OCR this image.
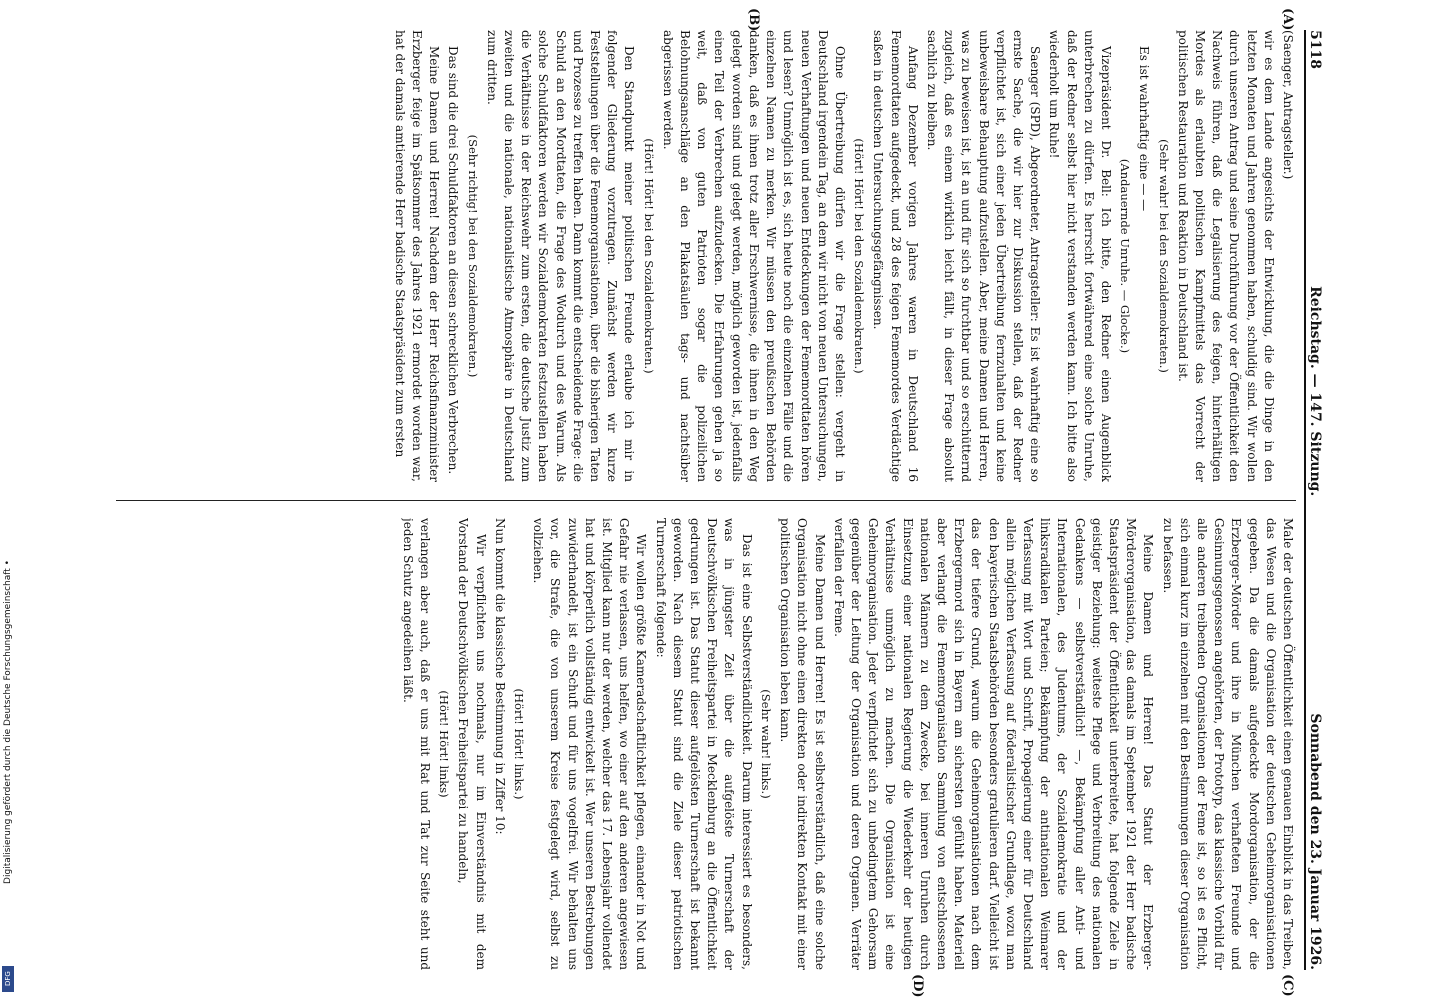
5118
Reichstag. — 147. Sitzung.
Sonnabend den 23. Januar 1926.
(A)
(B)
(C)
(D)

(Saenger, Antragsteller.)

wir es dem Lande angesichts der Entwicklung, die die Dinge in den letzten Monaten und Jahren genommen haben, schuldig sind. Wir wollen durch unseren Antrag und seine Durchführung vor der Öffentlichkeit den Nachweis führen, daß die Legalisierung des feigen, hinterhältigen Mordes als erlaubten politischen Kampfmittels das Vorrecht der politischen Restauration und Reaktion in Deutschland ist.

(Sehr wahr! bei den Sozialdemokraten.)

Es ist wahrhaftig eine — —

(Andauernde Unruhe. — Glocke.)

Vizepräsident Dr. Bell: Ich bitte, den Redner einen Augenblick unterbrechen zu dürfen. Es herrscht fortwährend eine solche Unruhe, daß der Redner selbst hier nicht verstanden werden kann. Ich bitte also wiederholt um Ruhe!

Saenger (SPD), Abgeordneter, Antragsteller: Es ist wahrhaftig eine so ernste Sache, die wir hier zur Diskussion stellen, daß der Redner verpflichtet ist, sich einer jeden Übertreibung fernzuhalten und keine unbeweisbare Behauptung aufzustellen. Aber, meine Damen und Herren, was zu beweisen ist, ist an und für sich so furchtbar und so erschütternd zugleich, daß es einem wirklich leicht fällt, in dieser Frage absolut sachlich zu bleiben.

Anfang Dezember vorigen Jahres waren in Deutschland 16 Fememordtaten aufgedeckt, und 28 des feigen Fememordes Verdächtige saßen in deutschen Untersuchungsgefängnissen.

(Hört! Hört! bei den Sozialdemokraten.)

Ohne Übertreibung dürfen wir die Frage stellen: vergeht in Deutschland irgendein Tag, an dem wir nicht von neuen Untersuchungen, neuen Verhaftungen und neuen Entdeckungen der Fememordtaten hören und lesen? Unmöglich ist es, sich heute noch die einzelnen Fälle und die einzelnen Namen zu merken. Wir müssen den preußischen Behörden danken, daß es ihnen trotz aller Erschwernisse, die ihnen in den Weg gelegt worden sind und gelegt werden, möglich geworden ist, jedenfalls einen Teil der Verbrechen aufzudecken. Die Erfahrungen gehen ja so weit, daß von guten Patrioten sogar die polizeilichen Belohnungsanschläge an den Plakatsäulen tags- und nachtsüber abgerissen werden.

(Hört! Hört! bei den Sozialdemokraten.)

Den Standpunkt meiner politischen Freunde erlaube ich mir in folgender Gliederung vorzutragen. Zunächst werden wir kurze Feststellungen über die Fememorganisationen, über die bisherigen Taten und Prozesse zu treffen haben. Dann kommt die entscheidende Frage: die Schuld an den Mordtaten, die Frage des Wodurch und des Warum. Als solche Schuldfaktoren werden wir Sozialdemokraten festzustellen haben die Verhältnisse in der Reichswehr zum ersten, die deutsche Justiz zum zweiten und die nationale, nationalistische Atmosphäre in Deutschland zum dritten.

(Sehr richtig! bei den Sozialdemokraten.)

Das sind die drei Schuldfaktoren an diesen schrecklichen Verbrechen.

Meine Damen und Herren! Nachdem der Herr Reichsfinanzminister Erzberger feige im Spätsommer des Jahres 1921 ermordet worden war, hat der damals amtierende Herr badische Staatspräsident zum ersten

Male der deutschen Öffentlichkeit einen genauen Einblick in das Treiben, das Wesen und die Organisation der deutschen Geheimorganisationen gegeben. Da die damals aufgedeckte Mordorganisation, der die Erzberger-Mörder und ihre in München verhafteten Freunde und Gesinnungsgenossen angehörten, der Prototyp, das klassische Vorbild für alle anderen treibenden Organisationen der Feme ist, so ist es Pflicht, sich einmal kurz im einzelnen mit den Bestimmungen dieser Organisation zu befassen.

Meine Damen und Herren! Das Statut der Erzberger-Mörderorganisation, das damals im September 1921 der Herr badische Staatspräsident der Öffentlichkeit unterbreitete, hat folgende Ziele in geistiger Beziehung: weiteste Pflege und Verbreitung des nationalen Gedankens — selbstverständlich! —, Bekämpfung aller Anti- und Internationalen, des Judentums, der Sozialdemokratie und der linksradikalen Parteien; Bekämpfung der antinationalen Weimarer Verfassung mit Wort und Schrift, Propagierung einer für Deutschland allein möglichen Verfassung auf föderalistischer Grundlage, wozu man den bayerischen Staatsbehörden besonders gratulieren darf. Vielleicht ist das der tiefere Grund, warum die Geheimorganisationen nach dem Erzbergermord sich in Bayern am sichersten gefühlt haben. Materiell aber verlangt die Fememorganisation Sammlung von entschlossenen nationalen Männern zu dem Zwecke, bei inneren Unruhen durch Einsetzung einer nationalen Regierung die Wiederkehr der heutigen Verhältnisse unmöglich zu machen. Die Organisation ist eine Geheimorganisation. Jeder verpflichtet sich zu unbedingtem Gehorsam gegenüber der Leitung der Organisation und deren Organen. Verräter verfallen der Feme.

Meine Damen und Herren! Es ist selbstverständlich, daß eine solche Organisation nicht ohne einen direkten oder indirekten Kontakt mit einer politischen Organisation leben kann.

(Sehr wahr! links.)

Das ist eine Selbstverständlichkeit. Darum interessiert es besonders, was in jüngster Zeit über die aufgelöste Turnerschaft der Deutschvölkischen Freiheitspartei in Mecklenburg an die Öffentlichkeit gedrungen ist. Das Statut dieser aufgelösten Turnerschaft ist bekannt geworden. Nach diesem Statut sind die Ziele dieser patriotischen Turnerschaft folgende:

Wir wollen größte Kameradschaftlichkeit pflegen, einander in Not und Gefahr nie verlassen, uns helfen, wo einer auf den anderen angewiesen ist. Mitglied kann nur der werden, welcher das 17. Lebensjahr vollendet hat und körperlich vollständig entwickelt ist. Wer unseren Bestrebungen zuwiderhandelt, ist ein Schuft und für uns vogelfrei. Wir behalten uns vor, die Strafe, die von unserem Kreise festgelegt wird, selbst zu vollziehen.

(Hört! Hört! links.)

Nun kommt die klassische Bestimmung in Ziffer 10:

Wir verpflichten uns nochmals, nur im Einverständnis mit dem Vorstand der Deutschvölkischen Freiheitspartei zu handeln,

(Hört! Hört! links)

verlangen aber auch, daß er uns mit Rat und Tat zur Seite steht und jeden Schutz angedeihen läßt.

Digitalisierung gefördert durch die Deutsche Forschungsgemeinschaft •
DFG
